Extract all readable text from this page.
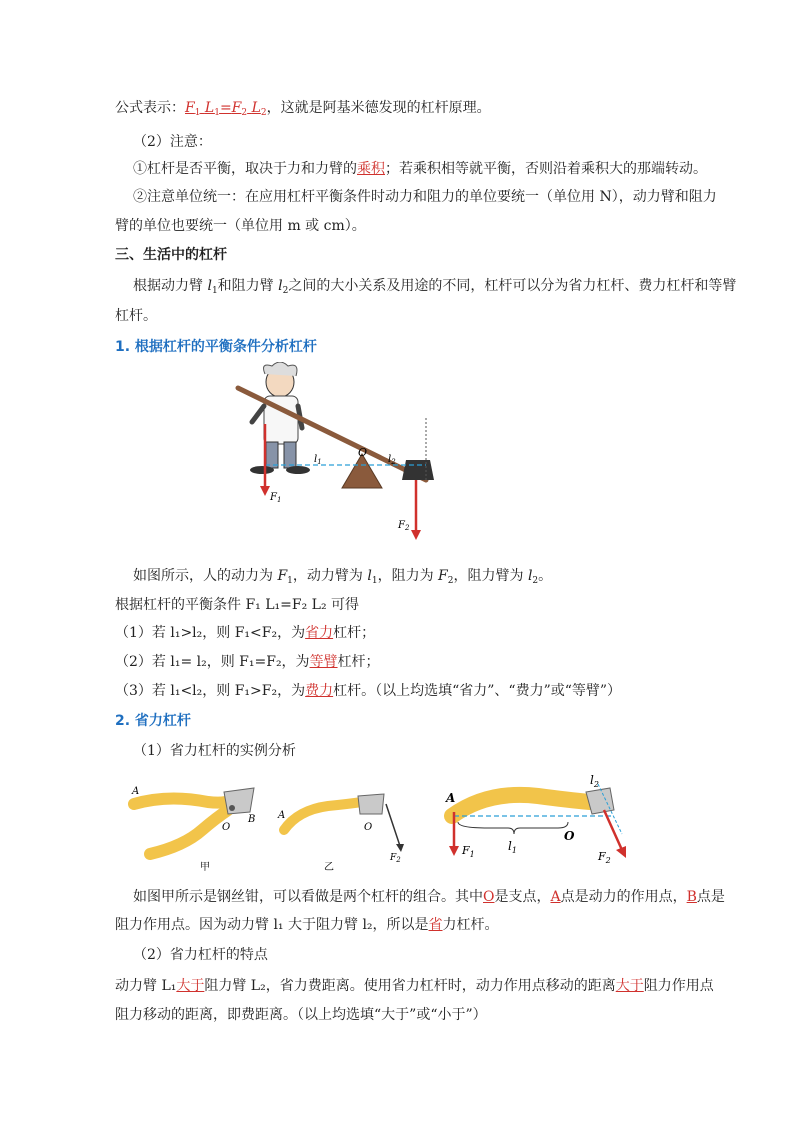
公式表示：$F_1$ $L_1=F_2$ $L_2$，这就是阿基米德发现的杠杆原理。
（2）注意：
①杠杆是否平衡，取决于力和力臂的乘积；若乘积相等就平衡，否则沿着乘积大的那端转动。
②注意单位统一：在应用杠杆平衡条件时动力和阻力的单位要统一（单位用 N），动力臂和阻力
臂的单位也要统一（单位用 m 或 cm）。
三、生活中的杠杆
根据动力臂 $l_1$和阻力臂 $l_2$之间的大小关系及用途的不同，杠杆可以分为省力杠杆、费力杠杆和等臂
杠杆。
1. 根据杠杆的平衡条件分析杠杆
O
$l_1$	$l_2$
$F_1$
$F_2$
如图所示，人的动力为 $F_1$，动力臂为 $l_1$，阻力为 $F_2$，阻力臂为 $l_2$。
根据杠杆的平衡条件 F₁ L₁=F₂ L₂ 可得
（1）若 l₁>l₂，则 F₁<F₂，为省力杠杆；
（2）若 l₁= l₂，则 F₁=F₂，为等臂杠杆；
（3）若 l₁<l₂，则 F₁>F₂，为费力杠杆。（以上均选填“省力”、“费力”或“等臂”）
2. 省力杠杆
（1）省力杠杆的实例分析
A
O
B
甲
A
O
$F_2$
乙
A
O
$F_1$
$l_1$
$l_2$
$F_2$
如图甲所示是钢丝钳，可以看做是两个杠杆的组合。其中O是支点，A点是动力的作用点，B点是
阻力作用点。因为动力臂 l₁ 大于阻力臂 l₂，所以是省力杠杆。
（2）省力杠杆的特点
动力臂 L₁大于阻力臂 L₂，省力费距离。使用省力杠杆时，动力作用点移动的距离大于阻力作用点
阻力移动的距离，即费距离。（以上均选填“大于”或“小于”）
